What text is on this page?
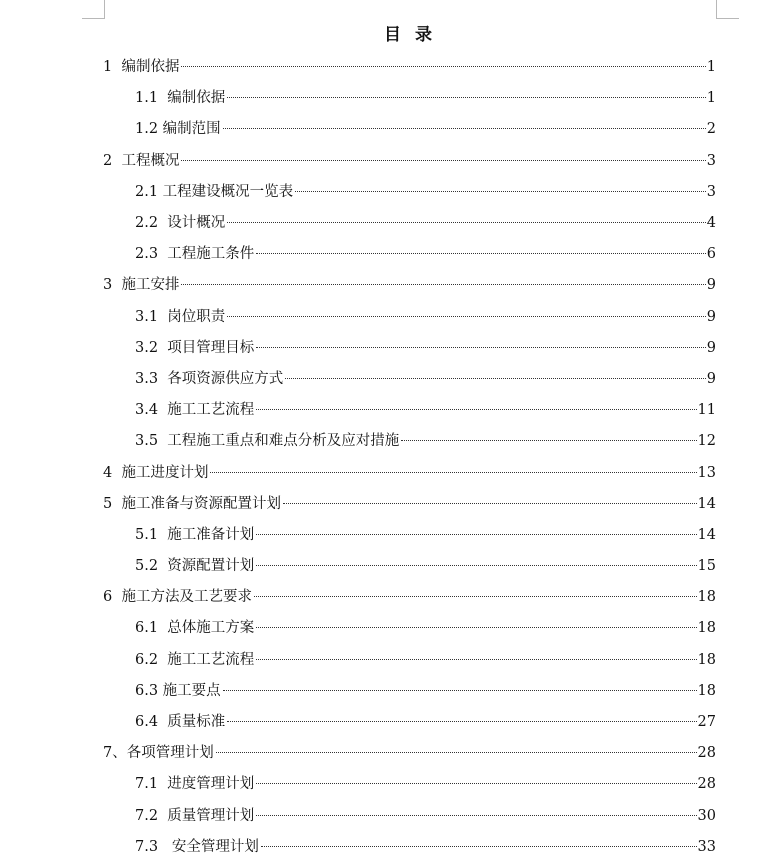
目 录
1  编制依据	1
1.1  编制依据	1
1.2 编制范围	2
2  工程概况	3
2.1 工程建设概况一览表	3
2.2  设计概况	4
2.3  工程施工条件	6
3  施工安排	9
3.1  岗位职责	9
3.2  项目管理目标	9
3.3  各项资源供应方式	9
3.4  施工工艺流程	11
3.5  工程施工重点和难点分析及应对措施	12
4  施工进度计划	13
5  施工准备与资源配置计划	14
5.1  施工准备计划	14
5.2  资源配置计划	15
6  施工方法及工艺要求	18
6.1  总体施工方案	18
6.2  施工工艺流程	18
6.3 施工要点	18
6.4  质量标准	27
7、各项管理计划	28
7.1  进度管理计划	28
7.2  质量管理计划	30
7.3   安全管理计划	33
